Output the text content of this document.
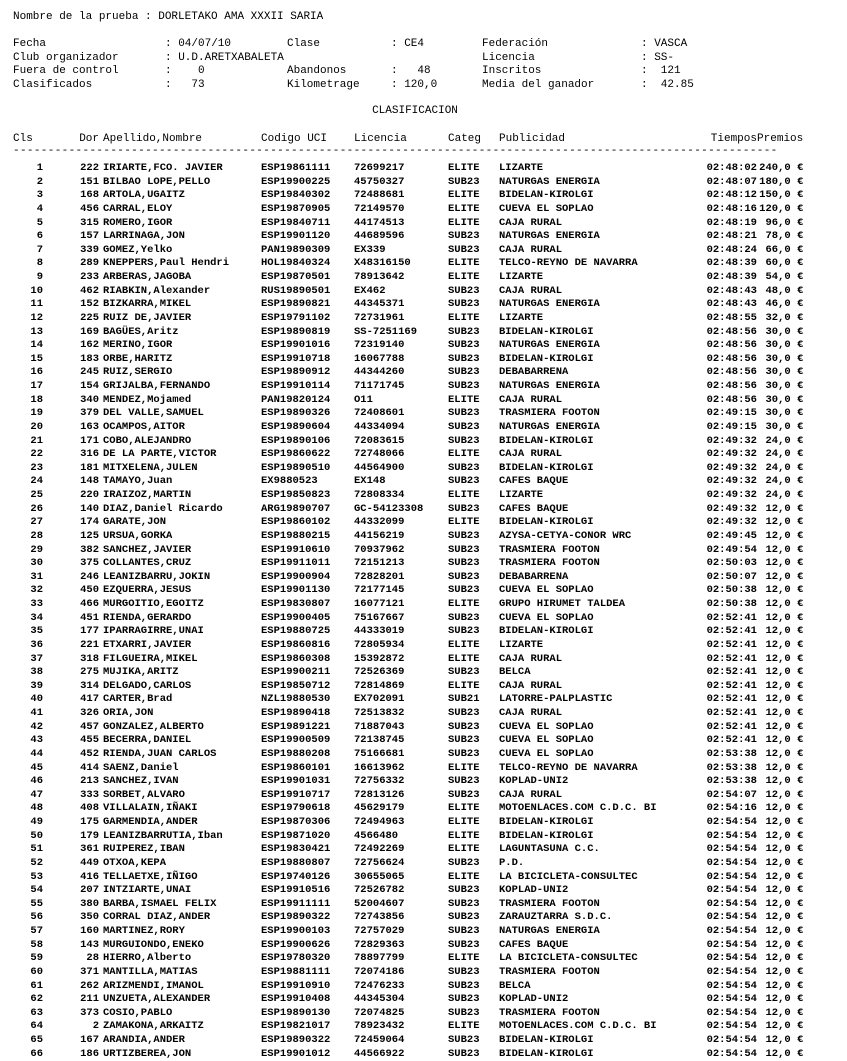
Nombre de la prueba : DORLETAKO AMA XXXII SARIA
Fecha	: 04/07/10	Clase	: CE4	Federación	: VASCA
Club organizador	: U.D.ARETXABALETA	Licencia	: SS-
Fuera de control	:    0	Abandonos	:   48	Inscritos	:  121
Clasificados	:   73	Kilometrage	: 120,0	Media del ganador	:  42.85
CLASIFICACION
Cls	Dor	Apellido,Nombre	Codigo UCI	Licencia	Categ	Publicidad	Tiempos	Premios

--------------------------------------------------------------------------------------------------------------								

1	222	IRIARTE,FCO. JAVIER	ESP19861111	72699217	ELITE	LIZARTE	02:48:02	240,0 €
2	151	BILBAO LOPE,PELLO	ESP19900225	45750327	SUB23	NATURGAS ENERGIA	02:48:07	180,0 €
3	168	ARTOLA,UGAITZ	ESP19840302	72488681	ELITE	BIDELAN-KIROLGI	02:48:12	150,0 €
4	456	CARRAL,ELOY	ESP19870905	72149570	ELITE	CUEVA EL SOPLAO	02:48:16	120,0 €
5	315	ROMERO,IGOR	ESP19840711	44174513	ELITE	CAJA RURAL	02:48:19	96,0 €
6	157	LARRINAGA,JON	ESP19901120	44689596	SUB23	NATURGAS ENERGIA	02:48:21	78,0 €
7	339	GOMEZ,Yelko	PAN19890309	EX339	SUB23	CAJA RURAL	02:48:24	66,0 €
8	289	KNEPPERS,Paul Hendri	HOL19840324	X48316150	ELITE	TELCO-REYNO DE NAVARRA	02:48:39	60,0 €
9	233	ARBERAS,JAGOBA	ESP19870501	78913642	ELITE	LIZARTE	02:48:39	54,0 €
10	462	RIABKIN,Alexander	RUS19890501	EX462	SUB23	CAJA RURAL	02:48:43	48,0 €
11	152	BIZKARRA,MIKEL	ESP19890821	44345371	SUB23	NATURGAS ENERGIA	02:48:43	46,0 €
12	225	RUIZ DE,JAVIER	ESP19791102	72731961	ELITE	LIZARTE	02:48:55	32,0 €
13	169	BAGÜES,Aritz	ESP19890819	SS-7251169	SUB23	BIDELAN-KIROLGI	02:48:56	30,0 €
14	162	MERINO,IGOR	ESP19901016	72319140	SUB23	NATURGAS ENERGIA	02:48:56	30,0 €
15	183	ORBE,HARITZ	ESP19910718	16067788	SUB23	BIDELAN-KIROLGI	02:48:56	30,0 €
16	245	RUIZ,SERGIO	ESP19890912	44344260	SUB23	DEBABARRENA	02:48:56	30,0 €
17	154	GRIJALBA,FERNANDO	ESP19910114	71171745	SUB23	NATURGAS ENERGIA	02:48:56	30,0 €
18	340	MENDEZ,Mojamed	PAN19820124	O11	ELITE	CAJA RURAL	02:48:56	30,0 €
19	379	DEL VALLE,SAMUEL	ESP19890326	72408601	SUB23	TRASMIERA FOOTON	02:49:15	30,0 €
20	163	OCAMPOS,AITOR	ESP19890604	44334094	SUB23	NATURGAS ENERGIA	02:49:15	30,0 €
21	171	COBO,ALEJANDRO	ESP19890106	72083615	SUB23	BIDELAN-KIROLGI	02:49:32	24,0 €
22	316	DE LA PARTE,VICTOR	ESP19860622	72748066	ELITE	CAJA RURAL	02:49:32	24,0 €
23	181	MITXELENA,JULEN	ESP19890510	44564900	SUB23	BIDELAN-KIROLGI	02:49:32	24,0 €
24	148	TAMAYO,Juan	EX9880523	EX148	SUB23	CAFES BAQUE	02:49:32	24,0 €
25	220	IRAIZOZ,MARTIN	ESP19850823	72808334	ELITE	LIZARTE	02:49:32	24,0 €
26	140	DIAZ,Daniel Ricardo	ARG19890707	GC-54123308	SUB23	CAFES BAQUE	02:49:32	12,0 €
27	174	GARATE,JON	ESP19860102	44332099	ELITE	BIDELAN-KIROLGI	02:49:32	12,0 €
28	125	URSUA,GORKA	ESP19880215	44156219	SUB23	AZYSA-CETYA-CONOR WRC	02:49:45	12,0 €
29	382	SANCHEZ,JAVIER	ESP19910610	70937962	SUB23	TRASMIERA FOOTON	02:49:54	12,0 €
30	375	COLLANTES,CRUZ	ESP19911011	72151213	SUB23	TRASMIERA FOOTON	02:50:03	12,0 €
31	246	LEANIZBARRU,JOKIN	ESP19900904	72828201	SUB23	DEBABARRENA	02:50:07	12,0 €
32	450	EZQUERRA,JESUS	ESP19901130	72177145	SUB23	CUEVA EL SOPLAO	02:50:38	12,0 €
33	466	MURGOITIO,EGOITZ	ESP19830807	16077121	ELITE	GRUPO HIRUMET TALDEA	02:50:38	12,0 €
34	451	RIENDA,GERARDO	ESP19900405	75167667	SUB23	CUEVA EL SOPLAO	02:52:41	12,0 €
35	177	IPARRAGIRRE,UNAI	ESP19880725	44333019	SUB23	BIDELAN-KIROLGI	02:52:41	12,0 €
36	221	ETXARRI,JAVIER	ESP19860816	72805934	ELITE	LIZARTE	02:52:41	12,0 €
37	318	FILGUEIRA,MIKEL	ESP19860308	15392872	ELITE	CAJA RURAL	02:52:41	12,0 €
38	275	MUJIKA,ARITZ	ESP19900211	72526369	SUB23	BELCA	02:52:41	12,0 €
39	314	DELGADO,CARLOS	ESP19850712	72814869	ELITE	CAJA RURAL	02:52:41	12,0 €
40	417	CARTER,Brad	NZL19880530	EX702091	SUB21	LATORRE-PALPLASTIC	02:52:41	12,0 €
41	326	ORIA,JON	ESP19890418	72513832	SUB23	CAJA RURAL	02:52:41	12,0 €
42	457	GONZALEZ,ALBERTO	ESP19891221	71887043	SUB23	CUEVA EL SOPLAO	02:52:41	12,0 €
43	455	BECERRA,DANIEL	ESP19900509	72138745	SUB23	CUEVA EL SOPLAO	02:52:41	12,0 €
44	452	RIENDA,JUAN CARLOS	ESP19880208	75166681	SUB23	CUEVA EL SOPLAO	02:53:38	12,0 €
45	414	SAENZ,Daniel	ESP19860101	16613962	ELITE	TELCO-REYNO DE NAVARRA	02:53:38	12,0 €
46	213	SANCHEZ,IVAN	ESP19901031	72756332	SUB23	KOPLAD-UNI2	02:53:38	12,0 €
47	333	SORBET,ALVARO	ESP19910717	72813126	SUB23	CAJA RURAL	02:54:07	12,0 €
48	408	VILLALAIN,IÑAKI	ESP19790618	45629179	ELITE	MOTOENLACES.COM C.D.C. BI	02:54:16	12,0 €
49	175	GARMENDIA,ANDER	ESP19870306	72494963	ELITE	BIDELAN-KIROLGI	02:54:54	12,0 €
50	179	LEANIZBARRUTIA,Iban	ESP19871020	4566480	ELITE	BIDELAN-KIROLGI	02:54:54	12,0 €
51	361	RUIPEREZ,IBAN	ESP19830421	72492269	ELITE	LAGUNTASUNA C.C.	02:54:54	12,0 €
52	449	OTXOA,KEPA	ESP19880807	72756624	SUB23	P.D.	02:54:54	12,0 €
53	416	TELLAETXE,IÑIGO	ESP19740126	30655065	ELITE	LA BICICLETA-CONSULTEC	02:54:54	12,0 €
54	207	INTZIARTE,UNAI	ESP19910516	72526782	SUB23	KOPLAD-UNI2	02:54:54	12,0 €
55	380	BARBA,ISMAEL FELIX	ESP19911111	52004607	SUB23	TRASMIERA FOOTON	02:54:54	12,0 €
56	350	CORRAL DIAZ,ANDER	ESP19890322	72743856	SUB23	ZARAUZTARRA S.D.C.	02:54:54	12,0 €
57	160	MARTINEZ,RORY	ESP19900103	72757029	SUB23	NATURGAS ENERGIA	02:54:54	12,0 €
58	143	MURGUIONDO,ENEKO	ESP19900626	72829363	SUB23	CAFES BAQUE	02:54:54	12,0 €
59	28	HIERRO,Alberto	ESP19780320	78897799	ELITE	LA BICICLETA-CONSULTEC	02:54:54	12,0 €
60	371	MANTILLA,MATIAS	ESP19881111	72074186	SUB23	TRASMIERA FOOTON	02:54:54	12,0 €
61	262	ARIZMENDI,IMANOL	ESP19910910	72476233	SUB23	BELCA	02:54:54	12,0 €
62	211	UNZUETA,ALEXANDER	ESP19910408	44345304	SUB23	KOPLAD-UNI2	02:54:54	12,0 €
63	373	COSIO,PABLO	ESP19890130	72074825	SUB23	TRASMIERA FOOTON	02:54:54	12,0 €
64	2	ZAMAKONA,ARKAITZ	ESP19821017	78923432	ELITE	MOTOENLACES.COM C.D.C. BI	02:54:54	12,0 €
65	167	ARANDIA,ANDER	ESP19890322	72459064	SUB23	BIDELAN-KIROLGI	02:54:54	12,0 €
66	186	URTIZBEREA,JON	ESP19901012	44566922	SUB23	BIDELAN-KIROLGI	02:54:54	12,0 €
